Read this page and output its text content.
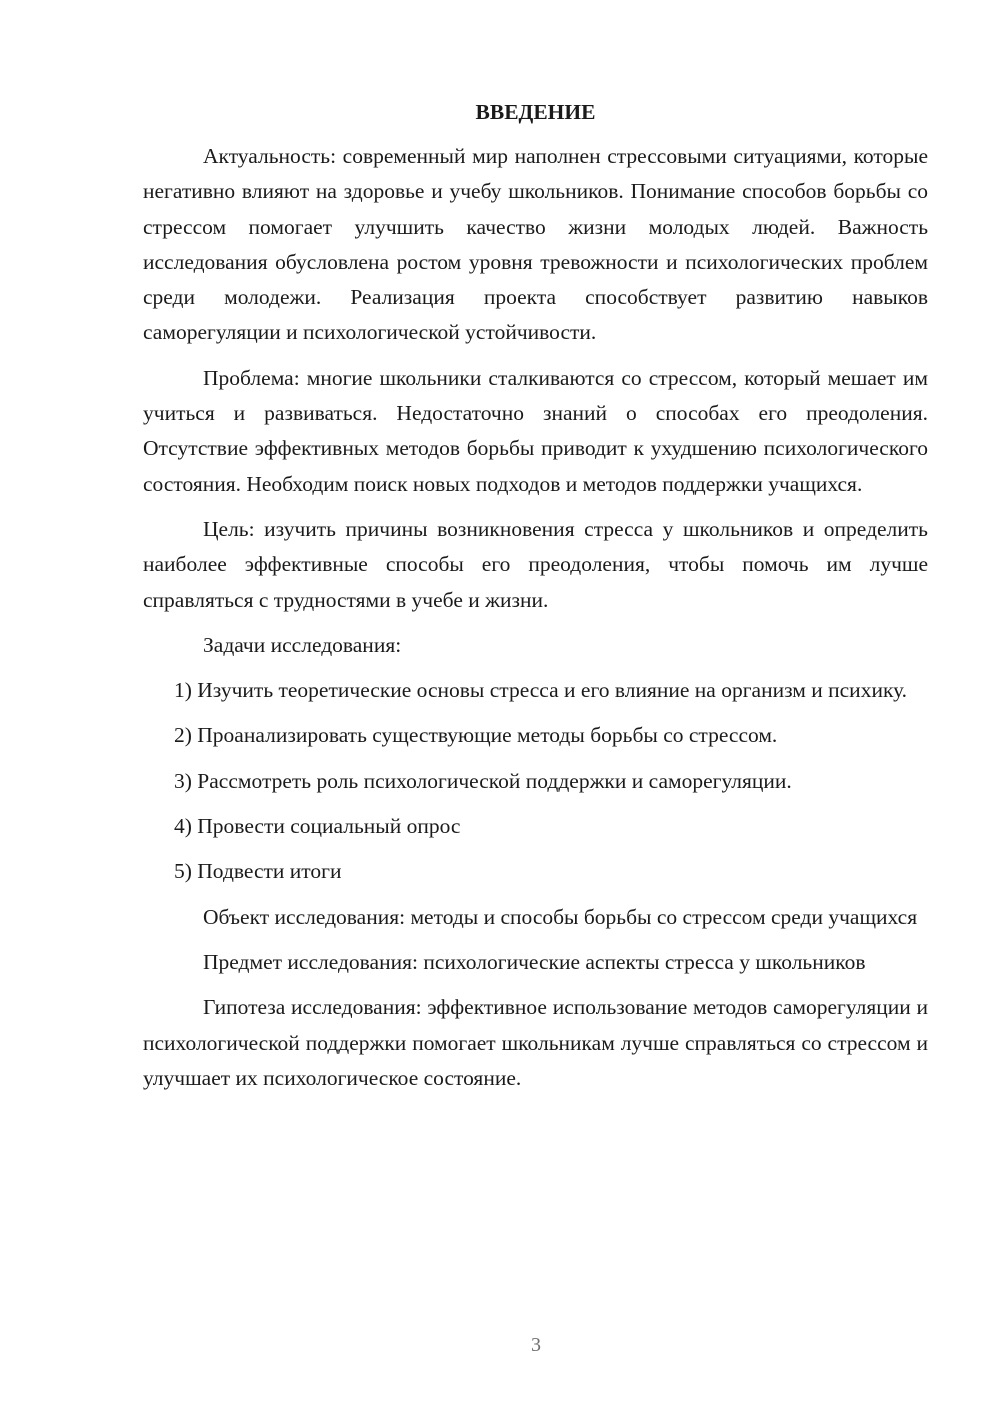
ВВЕДЕНИЕ

Актуальность: современный мир наполнен стрессовыми ситуациями, которые негативно влияют на здоровье и учебу школьников. Понимание способов борьбы со стрессом помогает улучшить качество жизни молодых людей. Важность исследования обусловлена ростом уровня тревожности и психологических проблем среди молодежи. Реализация проекта способствует развитию навыков саморегуляции и психологической устойчивости.

Проблема: многие школьники сталкиваются со стрессом, который мешает им учиться и развиваться. Недостаточно знаний о способах его преодоления. Отсутствие эффективных методов борьбы приводит к ухудшению психологического состояния. Необходим поиск новых подходов и методов поддержки учащихся.

Цель: изучить причины возникновения стресса у школьников и определить наиболее эффективные способы его преодоления, чтобы помочь им лучше справляться с трудностями в учебе и жизни.

Задачи исследования:

1) Изучить теоретические основы стресса и его влияние на организм и психику.

2) Проанализировать существующие методы борьбы со стрессом.

3) Рассмотреть роль психологической поддержки и саморегуляции.

4) Провести социальный опрос

5) Подвести итоги

Объект исследования: методы и способы борьбы со стрессом среди учащихся

Предмет исследования: психологические аспекты стресса у школьников

Гипотеза исследования: эффективное использование методов саморегуляции и психологической поддержки помогает школьникам лучше справляться со стрессом и улучшает их психологическое состояние.

3
